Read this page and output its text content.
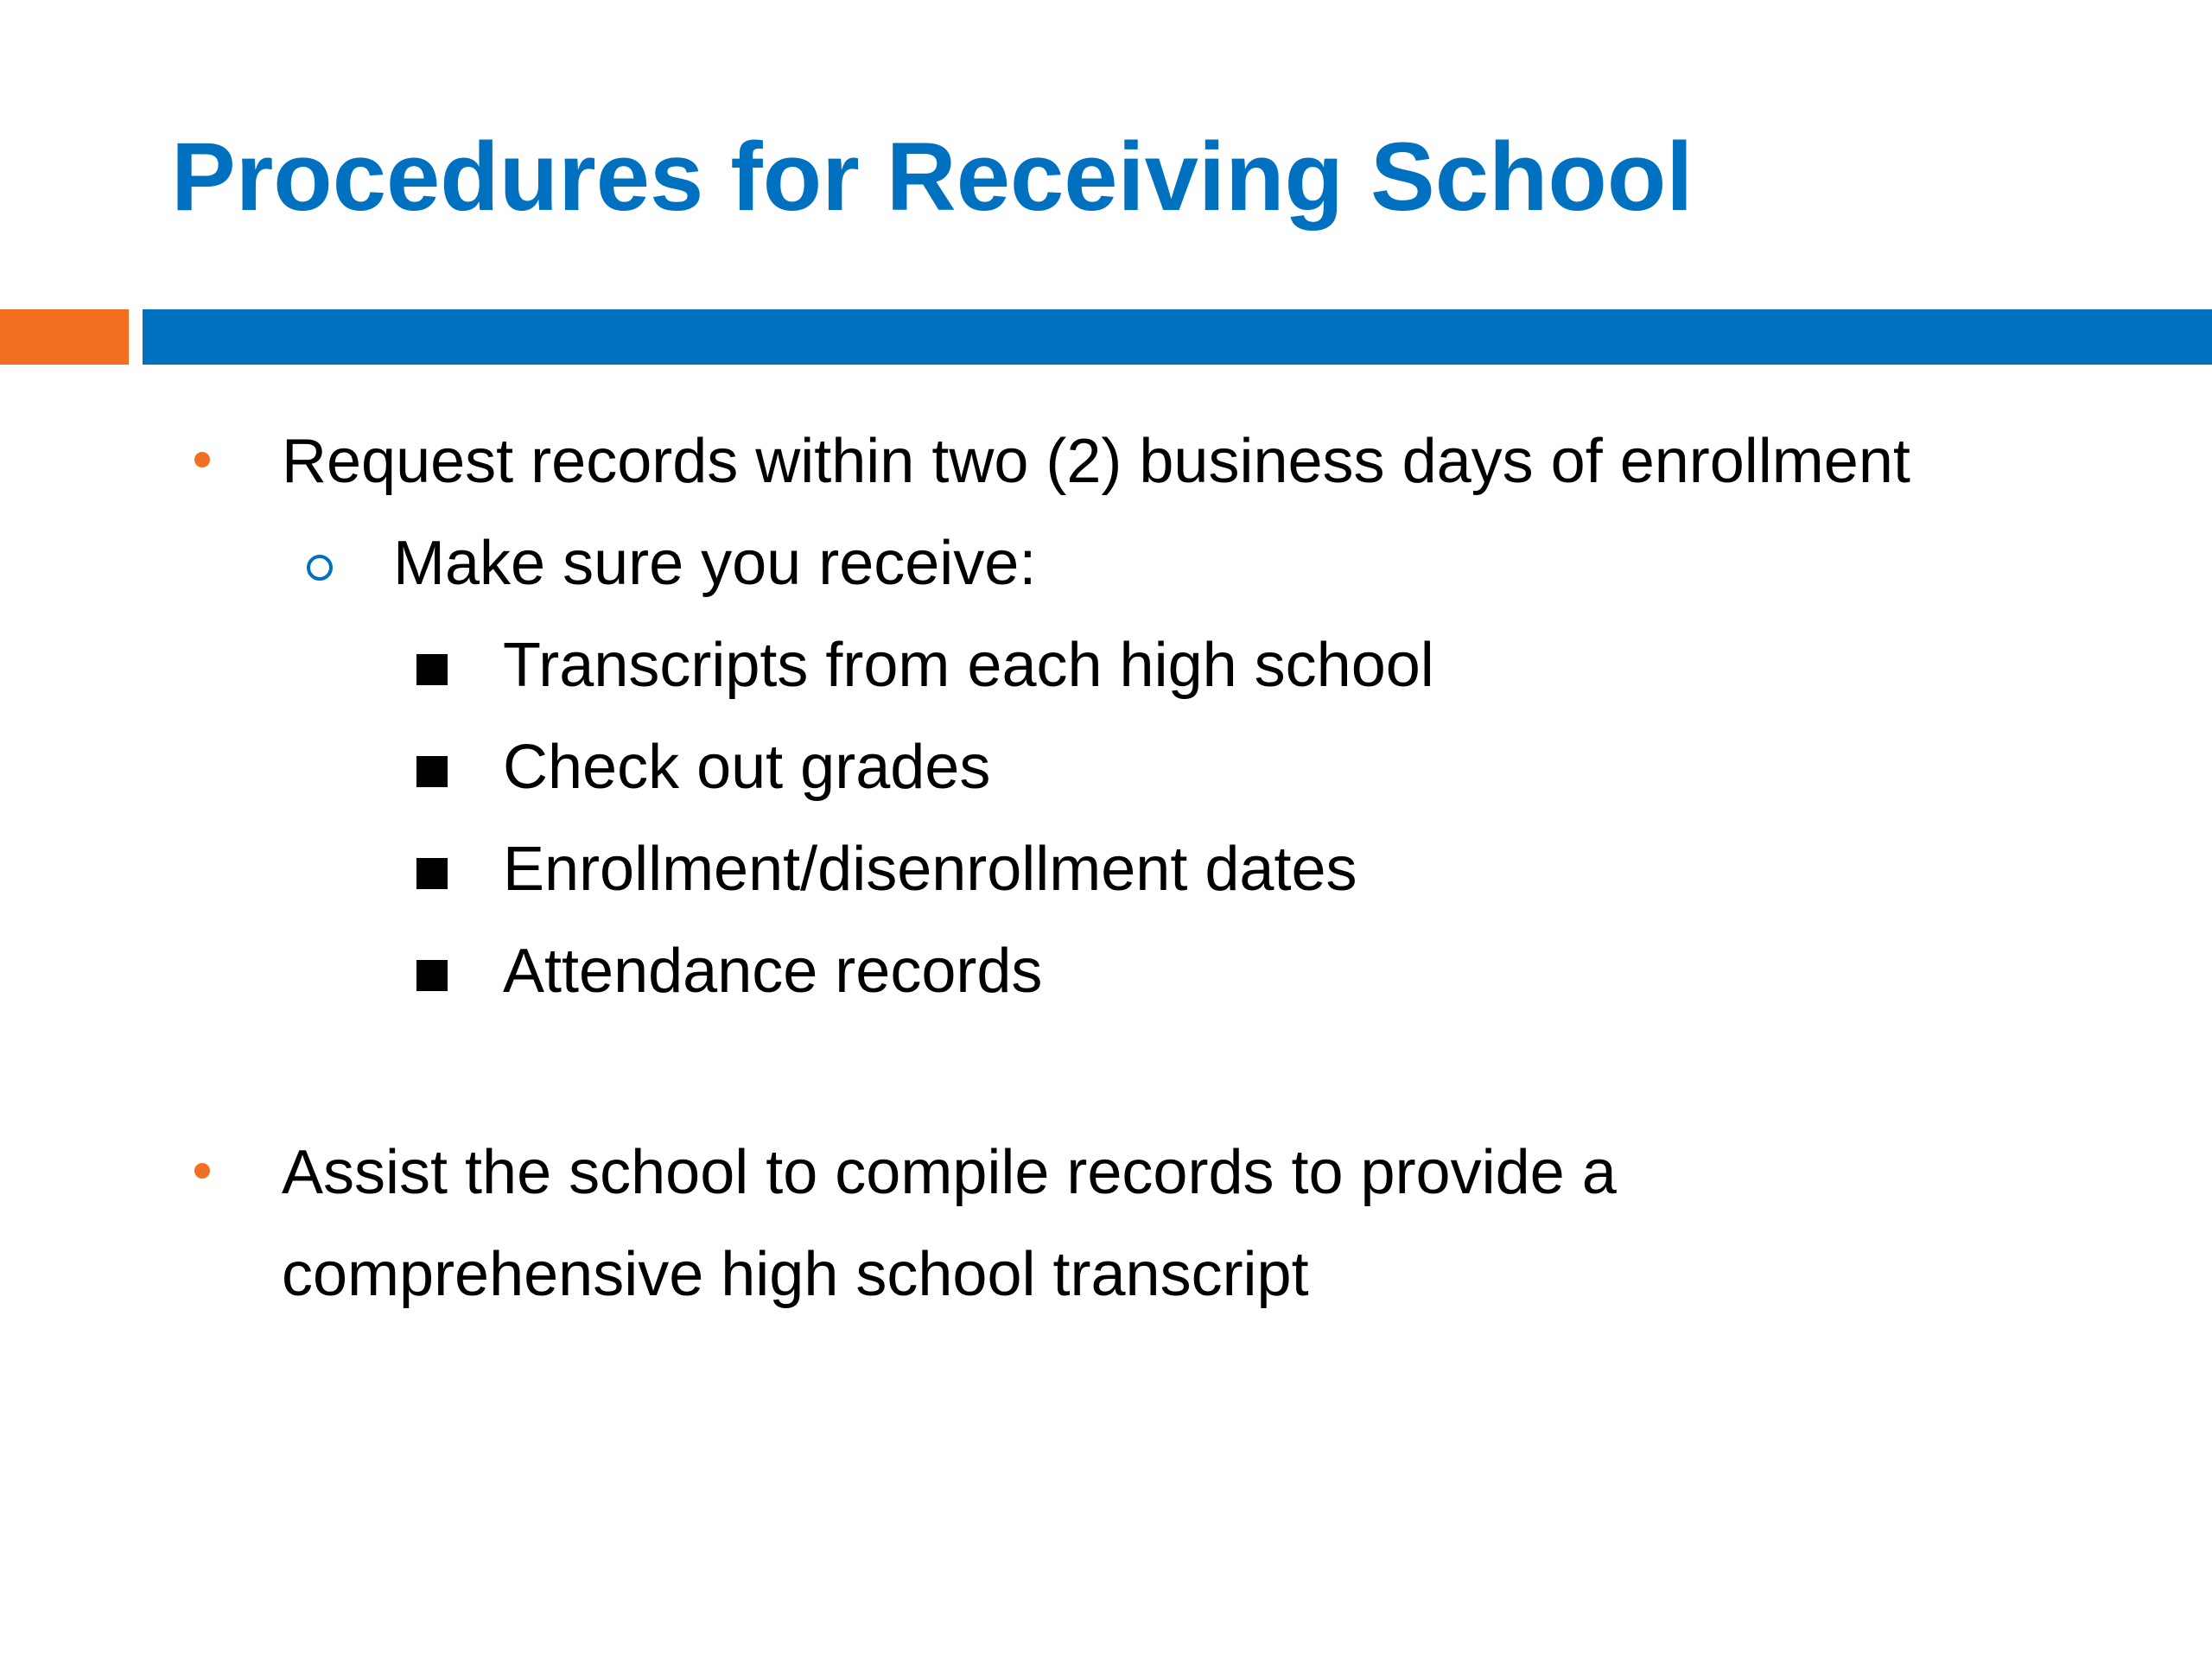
Procedures for Receiving School

Request records within two (2) business days of enrollment

Make sure you receive:

Transcripts from each high school

Check out grades

Enrollment/disenrollment dates

Attendance records

Assist the school to compile records to provide a

comprehensive high school transcript
